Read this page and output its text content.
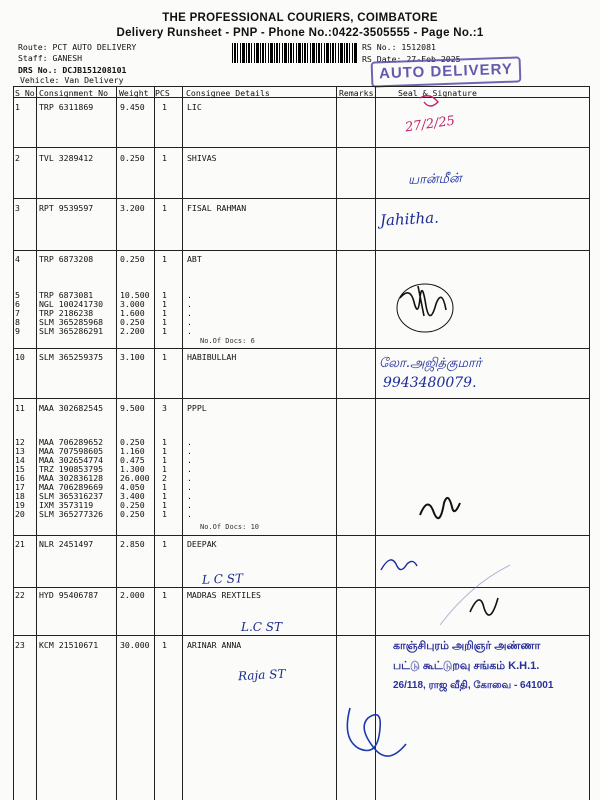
THE PROFESSIONAL COURIERS, COIMBATORE
Delivery Runsheet - PNP - Phone No.:0422-3505555 - Page No.:1
Route: PCT AUTO DELIVERY
Staff: GANESH
DRS No.: DCJB151208101
Vehicle: Van Delivery
RS No.: 1512081
RS Date: 27-Feb-2025
AUTO DELIVERY
S No Consignment No Weight PCS Consignee Details	Remarks	Seal & Signature
1 TRP 6311869	9.450 1 LIC
2 TVL 3289412	0.250 1 SHIVAS
3 RPT 9539597	3.200 1 FISAL RAHMAN
4 TRP 6873208	0.250 1 ABT
5 TRP 6873081	10.500 1 .
6 NGL 100241730 3.000 1 .
7 TRP 2186238	1.600 1 .
8 SLM 365285968 0.250 1 .
9 SLM 365286291 2.200 1 .
No.Of Docs: 6
10 SLM 365259375 3.100 1 HABIBULLAH
11 MAA 302682545 9.500 3 PPPL
12 MAA 706289652 0.250 1 .
13 MAA 707598605 1.160 1 .
14 MAA 302654774 0.475 1 .
15 TRZ 190853795 1.300 1 .
16 MAA 302836128 26.000 2 .
17 MAA 706289669 4.050 1 .
18 SLM 365316237 3.400 1 .
19 IXM 3573119	0.250 1 .
20 SLM 365277326 0.250 1 .
No.Of Docs: 10
21 NLR 2451497	2.850 1 DEEPAK
22 HYD 95406787	2.000 1 MADRAS REXTILES
23 KCM 21510671	30.000 1 ARINAR ANNA
L C ST
L.C ST
Raja ST
27/2/25
யான்மீன்
Jahitha.
லோ.அஜித்குமார்
9943480079.
காஞ்சிபுரம் அறிஞர் அண்ணா
பட்டு கூட்டுறவு சங்கம் K.H.1.
26/118, ராஜ வீதி, கோவை - 641001
